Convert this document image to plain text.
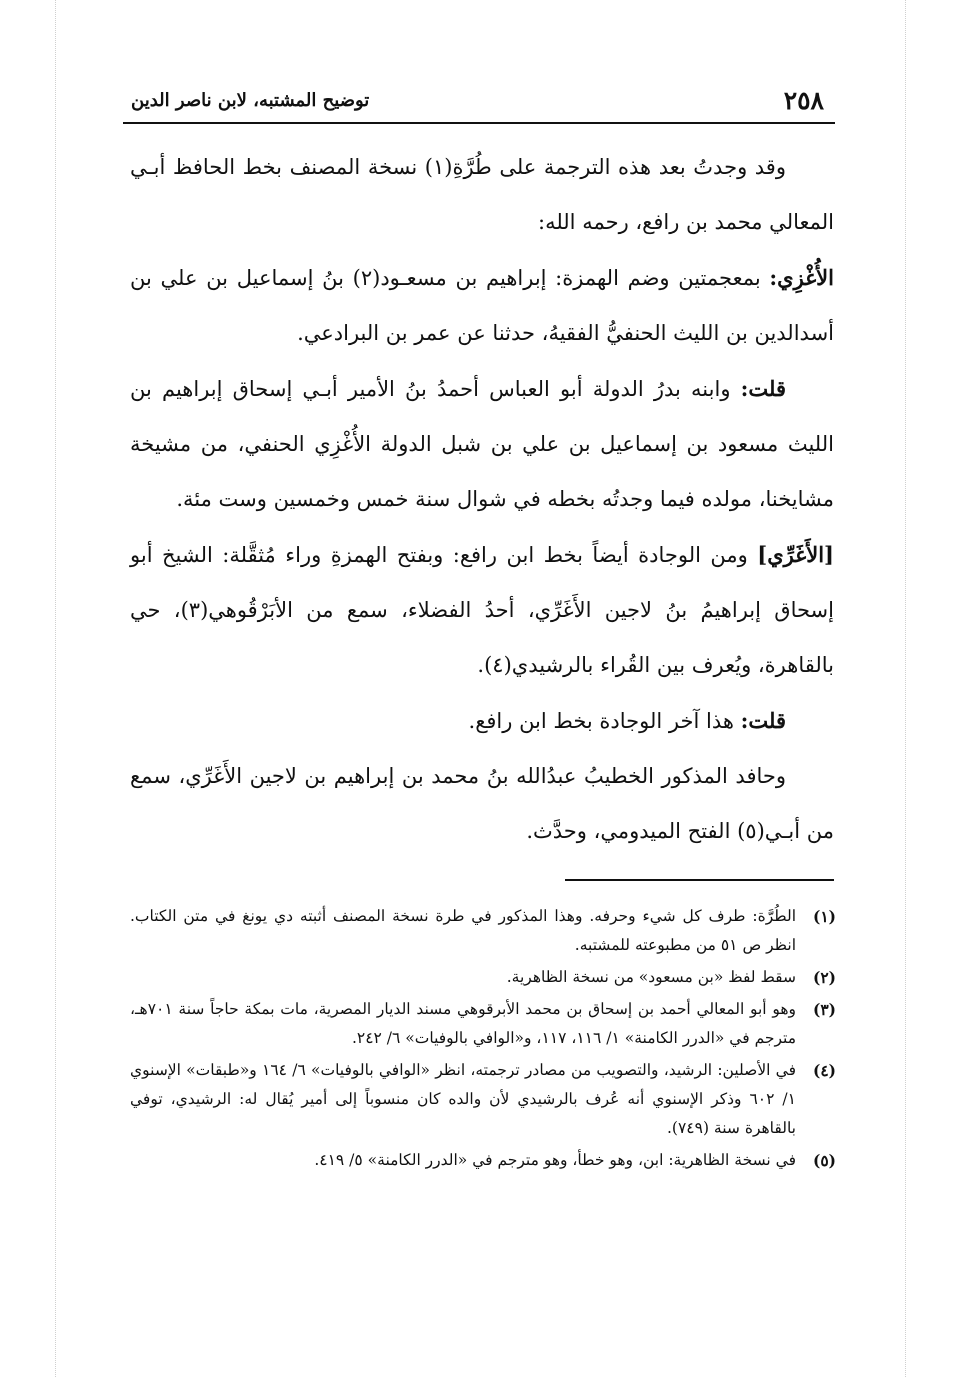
٢٥٨
توضيح المشتبه، لابن ناصر الدين

وقد وجدتُ بعد هذه الترجمة على طُرَّةِ(١) نسخة المصنف بخط الحافظ أبـي المعالي محمد بن رافع، رحمه الله:

الأُغْزِي: بمعجمتين وضم الهمزة: إبراهيم بن مسعـود(٢) بنُ إسماعيل بن علي بن أسدالدين بن الليث الحنفيُّ الفقيهُ، حدثنا عن عمر بن البرادعي.

قلت: وابنه بدرُ الدولة أبو العباس أحمدُ بنُ الأمير أبـي إسحاق إبراهيم بن الليث مسعود بن إسماعيل بن علي بن شبل الدولة الأُغْزِي الحنفي، من مشيخة مشايخنا، مولده فيما وجدتُه بخطه في شوال سنة خمس وخمسين وست مئة.

[الأَغَرِّي] ومن الوجادة أيضاً بخط ابن رافع: وبفتح الهمزةِ وراء مُثقَّلة: الشيخ أبو إسحاق إبراهيمُ بنُ لاجين الأَغَرِّي، أحدُ الفضلاء، سمع من الأبَرْقُوهي(٣)، حي بالقاهرة، ويُعرف بين القُراء بالرشيدي(٤).

قلت: هذا آخر الوجادة بخط ابن رافع.

وحافد المذكور الخطيبُ عبدُالله بنُ محمد بن إبراهيم بن لاجين الأَغَرِّي، سمع من أبـي(٥) الفتح الميدومي، وحدَّث.

(١)
الطُرَّة: طرف كل شيء وحرفه. وهذا المذكور في طرة نسخة المصنف أثبته دي يونغ في متن الكتاب. انظر ص ٥١ من مطبوعته للمشتبه.
(٢)
سقط لفظ «بن مسعود» من نسخة الظاهرية.
(٣)
وهو أبو المعالي أحمد بن إسحاق بن محمد الأبرقوهي مسند الديار المصرية، مات بمكة حاجاً سنة ٧٠١هـ، مترجم في «الدرر الكامنة» ١/ ١١٦، ١١٧، و«الوافي بالوفيات» ٦/ ٢٤٢.
(٤)
في الأصلين: الرشيد، والتصويب من مصادر ترجمته، انظر «الوافي بالوفيات» ٦/ ١٦٤ و«طبقات» الإسنوي ١/ ٦٠٢ وذكر الإسنوي أنه عُرف بالرشيدي لأن والده كان منسوباً إلى أمير يُقال له: الرشيدي، توفي بالقاهرة سنة (٧٤٩).
(٥)
في نسخة الظاهرية: ابن، وهو خطأ، وهو مترجم في «الدرر الكامنة» ٥/ ٤١٩.
